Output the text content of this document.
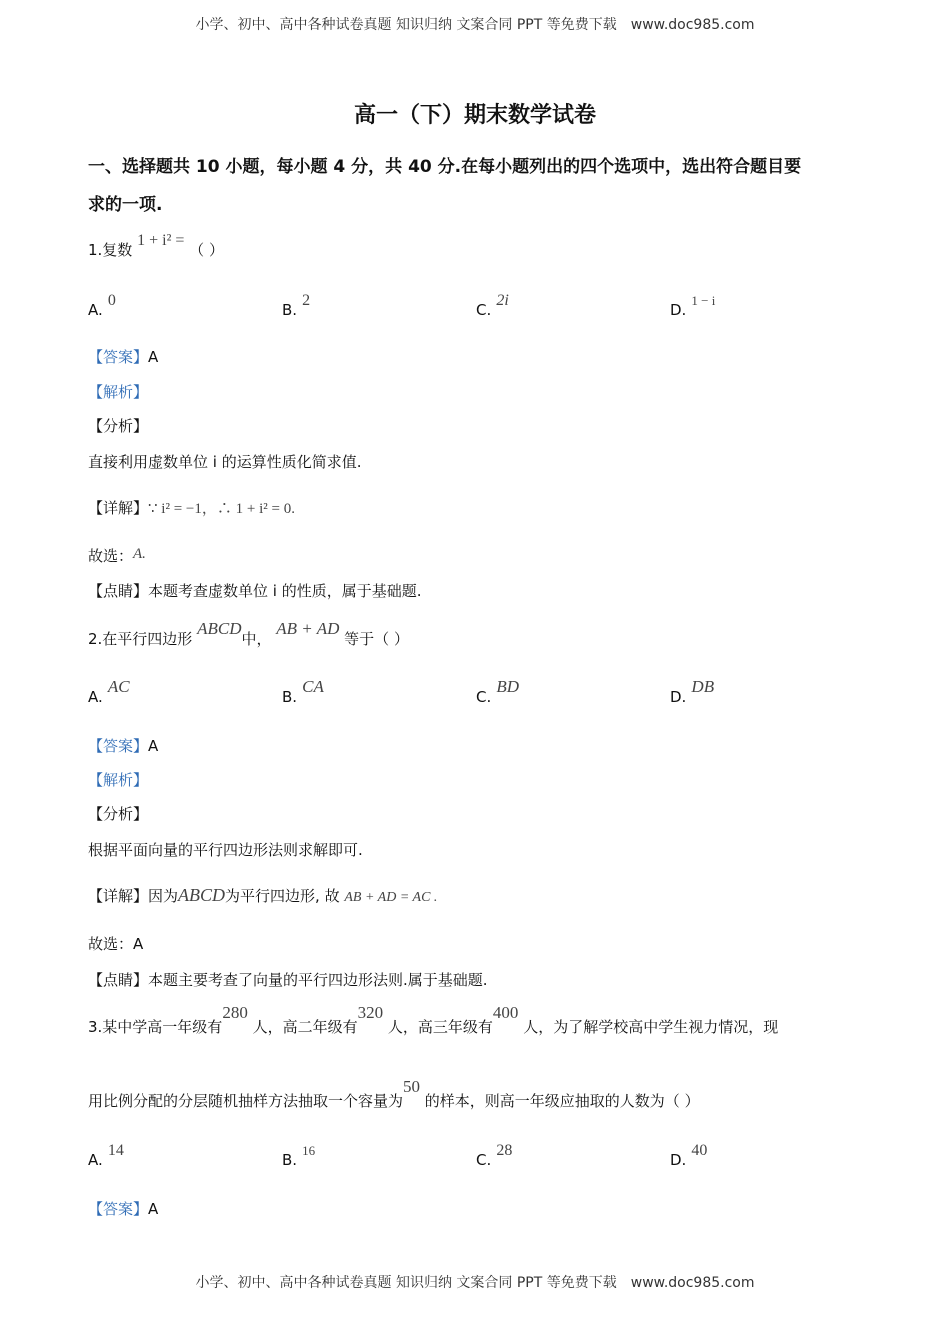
小学、初中、高中各种试卷真题 知识归纳 文案合同 PPT 等免费下载 www.doc985.com
小学、初中、高中各种试卷真题 知识归纳 文案合同 PPT 等免费下载 www.doc985.com
高一（下）期末数学试卷
一、选择题共 10 小题，每小题 4 分，共 40 分.在每小题列出的四个选项中，选出符合题目要
求的一项.
1.复数 1 + i² = （ ）
A. 0
B. 2
C. 2i
D. $^{1 - i}$
【答案】A
【解析】
【分析】
直接利用虚数单位 i 的运算性质化简求值.
【详解】∵ i² = −1，∴ 1 + i² = 0.
故选：A.
【点睛】本题考查虚数单位 i 的性质，属于基础题.
2.在平行四边形 ABCD中， AB + AD 等于（ ）
A. AC
B. CA
C. BD
D. DB
【答案】A
【解析】
【分析】
根据平面向量的平行四边形法则求解即可.
【详解】因为ABCD为平行四边形, 故 AB + AD = AC .
故选：A
【点睛】本题主要考查了向量的平行四边形法则.属于基础题.
3.某中学高一年级有280 人，高二年级有320 人，高三年级有400 人，为了解学校高中学生视力情况，现
用比例分配的分层随机抽样方法抽取一个容量为50 的样本，则高一年级应抽取的人数为（ ）
A. 14
B. $^{16}$
C. 28
D. 40
【答案】A
